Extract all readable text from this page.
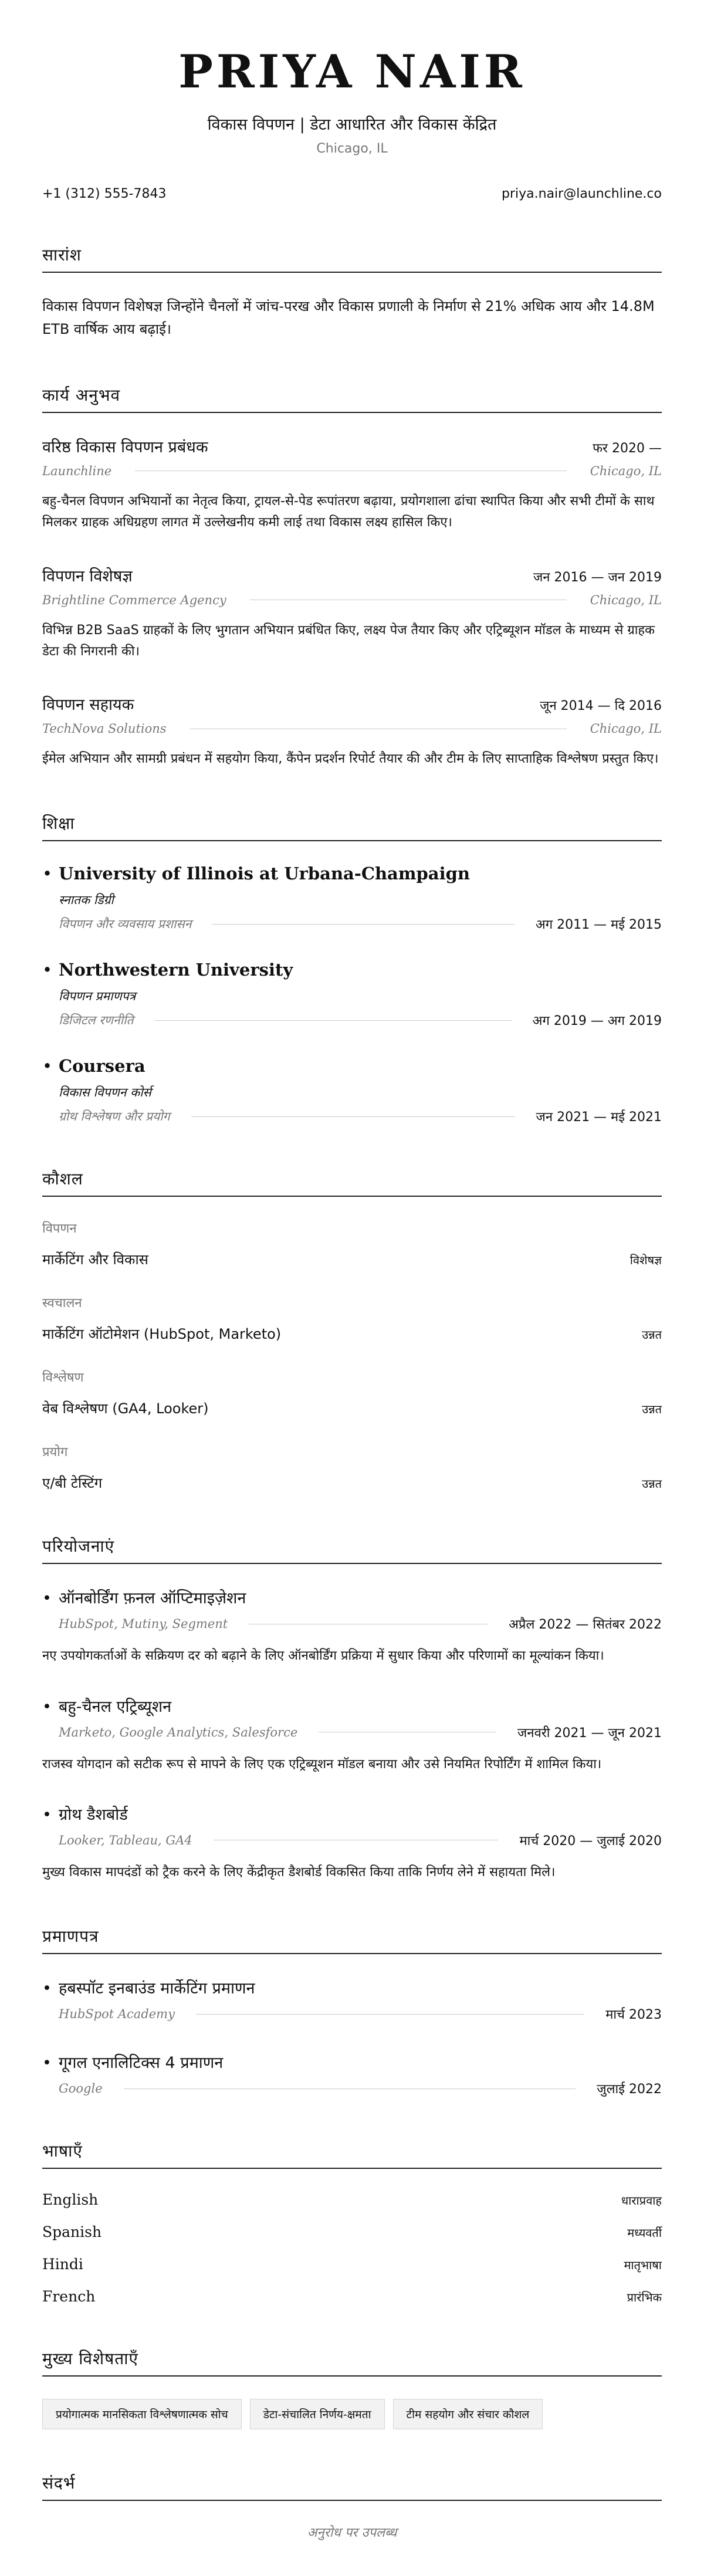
PRIYA NAIR
विकास विपणन | डेटा आधारित और विकास केंद्रित
Chicago, IL
+1 (312) 555-7843	priya.nair@launchline.co
सारांश
विकास विपणन विशेषज्ञ जिन्होंने चैनलों में जांच-परख और विकास प्रणाली के निर्माण से 21% अधिक आय और 14.8M ETB वार्षिक आय बढ़ाई।
कार्य अनुभव
वरिष्ठ विकास विपणन प्रबंधक	फर 2020 —
Launchline	Chicago, IL
बहु-चैनल विपणन अभियानों का नेतृत्व किया, ट्रायल-से-पेड रूपांतरण बढ़ाया, प्रयोगशाला ढांचा स्थापित किया और सभी टीमों के साथ मिलकर ग्राहक अधिग्रहण लागत में उल्लेखनीय कमी लाई तथा विकास लक्ष्य हासिल किए।
विपणन विशेषज्ञ	जन 2016 — जन 2019
Brightline Commerce Agency	Chicago, IL
विभिन्न B2B SaaS ग्राहकों के लिए भुगतान अभियान प्रबंधित किए, लक्ष्य पेज तैयार किए और एट्रिब्यूशन मॉडल के माध्यम से ग्राहक डेटा की निगरानी की।
विपणन सहायक	जून 2014 — दि 2016
TechNova Solutions	Chicago, IL
ईमेल अभियान और सामग्री प्रबंधन में सहयोग किया, कैंपेन प्रदर्शन रिपोर्ट तैयार की और टीम के लिए साप्ताहिक विश्लेषण प्रस्तुत किए।
शिक्षा
• University of Illinois at Urbana-Champaign
स्नातक डिग्री
विपणन और व्यवसाय प्रशासन	अग 2011 — मई 2015
• Northwestern University
विपणन प्रमाणपत्र
डिजिटल रणनीति	अग 2019 — अग 2019
• Coursera
विकास विपणन कोर्स
ग्रोथ विश्लेषण और प्रयोग	जन 2021 — मई 2021
कौशल
विपणन
मार्केटिंग और विकास	विशेषज्ञ
स्वचालन
मार्केटिंग ऑटोमेशन (HubSpot, Marketo)	उन्नत
विश्लेषण
वेब विश्लेषण (GA4, Looker)	उन्नत
प्रयोग
ए/बी टेस्टिंग	उन्नत
परियोजनाएं
• ऑनबोर्डिंग फ़नल ऑप्टिमाइज़ेशन
HubSpot, Mutiny, Segment	अप्रैल 2022 — सितंबर 2022
नए उपयोगकर्ताओं के सक्रियण दर को बढ़ाने के लिए ऑनबोर्डिंग प्रक्रिया में सुधार किया और परिणामों का मूल्यांकन किया।
• बहु-चैनल एट्रिब्यूशन
Marketo, Google Analytics, Salesforce	जनवरी 2021 — जून 2021
राजस्व योगदान को सटीक रूप से मापने के लिए एक एट्रिब्यूशन मॉडल बनाया और उसे नियमित रिपोर्टिंग में शामिल किया।
• ग्रोथ डैशबोर्ड
Looker, Tableau, GA4	मार्च 2020 — जुलाई 2020
मुख्य विकास मापदंडों को ट्रैक करने के लिए केंद्रीकृत डैशबोर्ड विकसित किया ताकि निर्णय लेने में सहायता मिले।
प्रमाणपत्र
• हबस्पॉट इनबाउंड मार्केटिंग प्रमाणन
HubSpot Academy	मार्च 2023
• गूगल एनालिटिक्स 4 प्रमाणन
Google	जुलाई 2022
भाषाएँ
English	धाराप्रवाह
Spanish	मध्यवर्ती
Hindi	मातृभाषा
French	प्रारंभिक
मुख्य विशेषताएँ
प्रयोगात्मक मानसिकता विश्लेषणात्मक सोच	डेटा-संचालित निर्णय-क्षमता	टीम सहयोग और संचार कौशल
संदर्भ
अनुरोध पर उपलब्ध
